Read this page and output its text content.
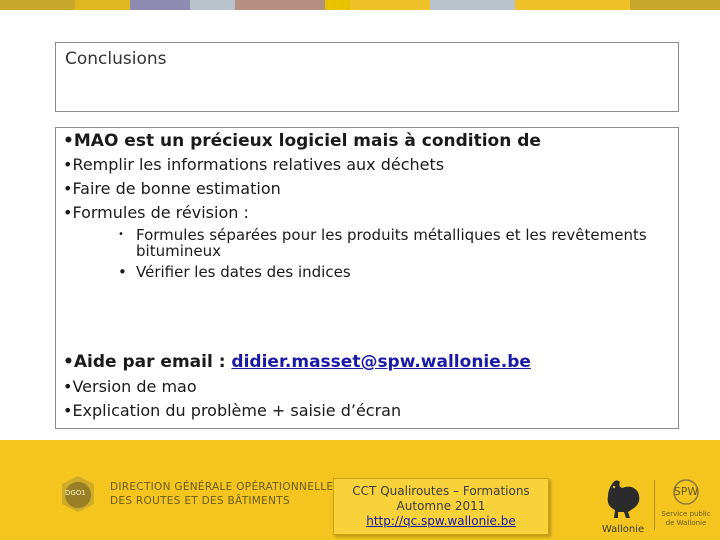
Conclusions
•MAO est un précieux logiciel mais à condition de
•Remplir les informations relatives aux déchets
•Faire de bonne estimation
•Formules de révision :
• Formules séparées pour les produits métalliques et les revêtements bitumineux
• Vérifier les dates des indices
•Aide par email : didier.masset@spw.wallonie.be
•Version de mao
•Explication du problème + saisie d’écran
DGO1 DIRECTION GÉNÉRALE OPÉRATIONNELLE
DES ROUTES ET DES BÂTIMENTS
CCT Qualiroutes – Formations
Automne 2011
http://qc.spw.wallonie.be
Wallonie
SPW
Service public
de Wallonie
